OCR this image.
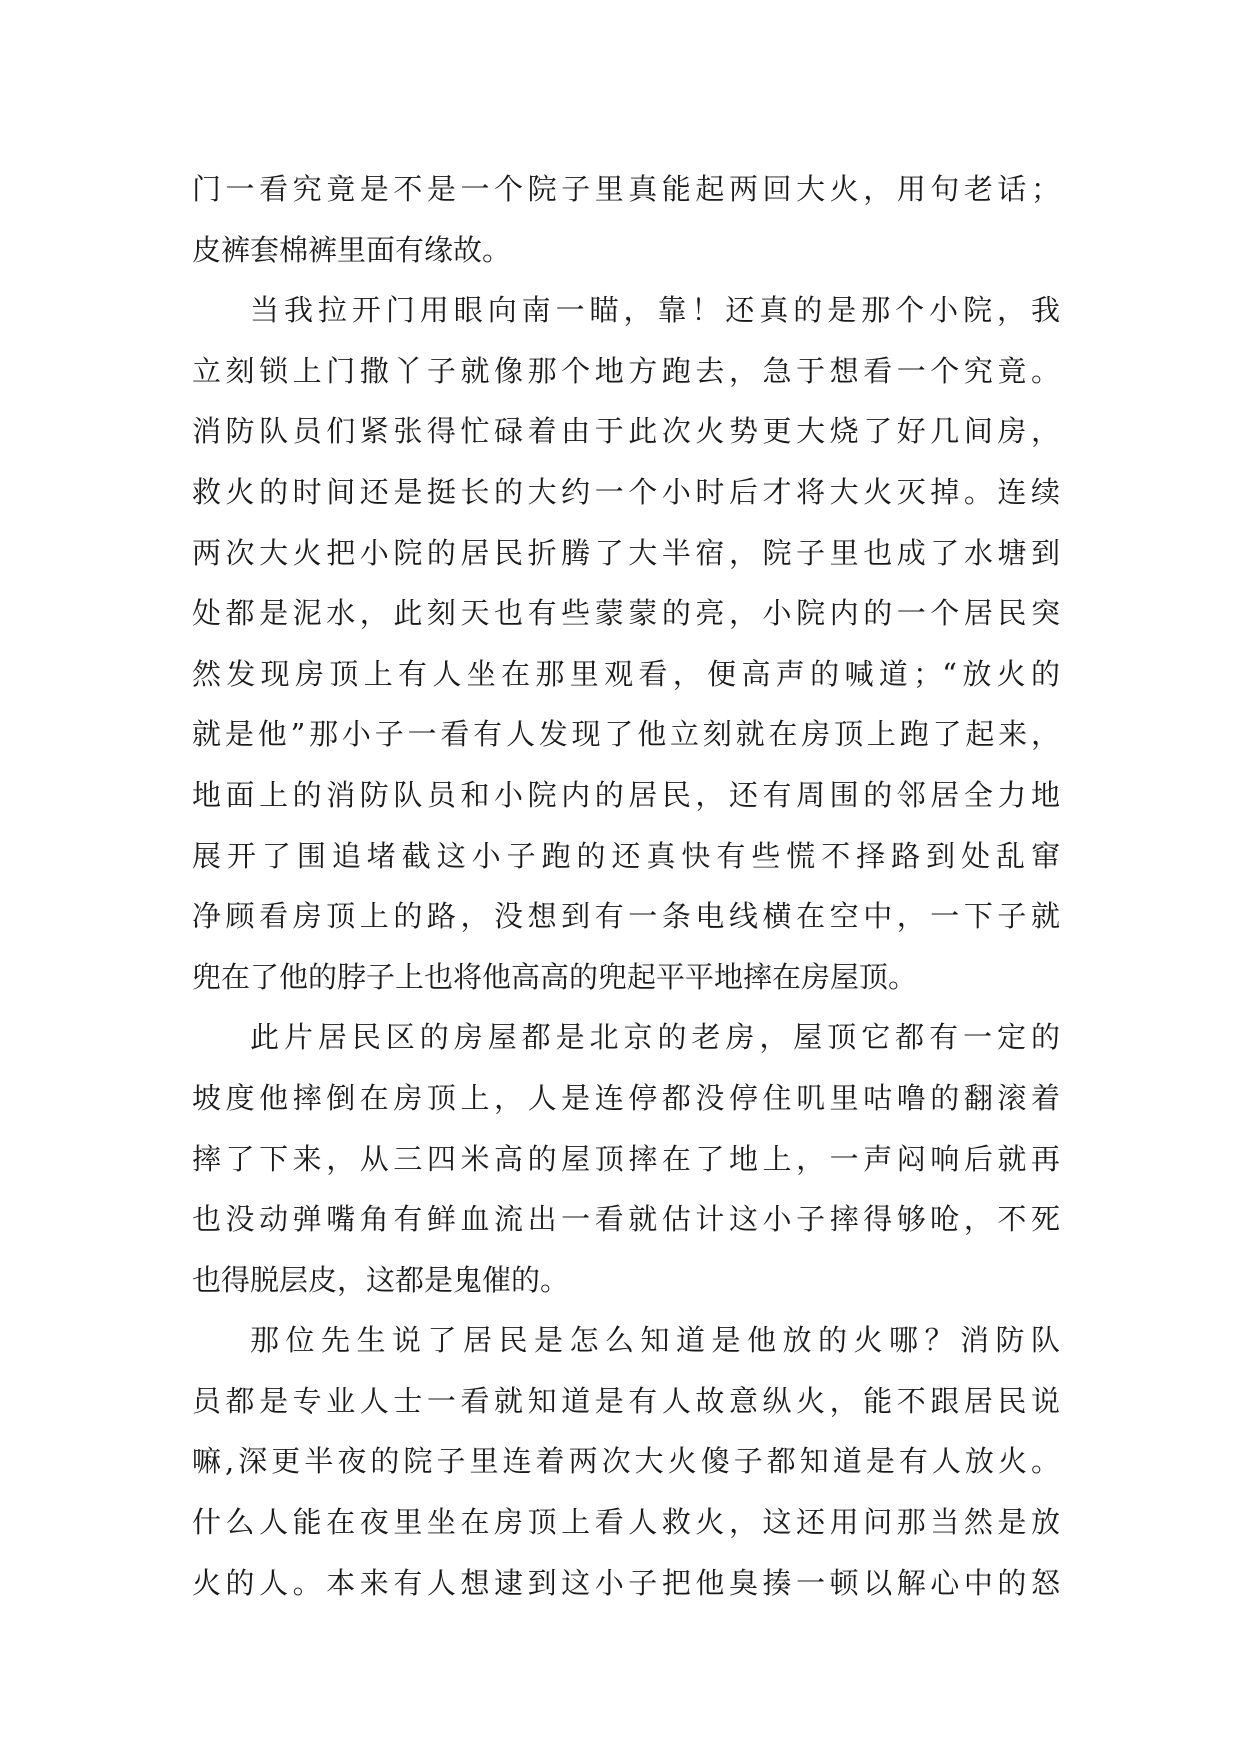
门一看究竟是不是一个院子里真能起两回大火，用句老话；
皮裤套棉裤里面有缘故。
当我拉开门用眼向南一瞄，靠！还真的是那个小院，我
立刻锁上门撒丫子就像那个地方跑去，急于想看一个究竟。
消防队员们紧张得忙碌着由于此次火势更大烧了好几间房，
救火的时间还是挺长的大约一个小时后才将大火灭掉。连续
两次大火把小院的居民折腾了大半宿，院子里也成了水塘到
处都是泥水，此刻天也有些蒙蒙的亮，小院内的一个居民突
然发现房顶上有人坐在那里观看，便高声的喊道；“放火的
就是他”那小子一看有人发现了他立刻就在房顶上跑了起来，
地面上的消防队员和小院内的居民，还有周围的邻居全力地
展开了围追堵截这小子跑的还真快有些慌不择路到处乱窜
净顾看房顶上的路，没想到有一条电线横在空中，一下子就
兜在了他的脖子上也将他高高的兜起平平地摔在房屋顶。
此片居民区的房屋都是北京的老房，屋顶它都有一定的
坡度他摔倒在房顶上，人是连停都没停住叽里咕噜的翻滚着
摔了下来，从三四米高的屋顶摔在了地上，一声闷响后就再
也没动弹嘴角有鲜血流出一看就估计这小子摔得够呛，不死
也得脱层皮，这都是鬼催的。
那位先生说了居民是怎么知道是他放的火哪？消防队
员都是专业人士一看就知道是有人故意纵火，能不跟居民说
嘛,深更半夜的院子里连着两次大火傻子都知道是有人放火。
什么人能在夜里坐在房顶上看人救火，这还用问那当然是放
火的人。本来有人想逮到这小子把他臭揍一顿以解心中的怒
